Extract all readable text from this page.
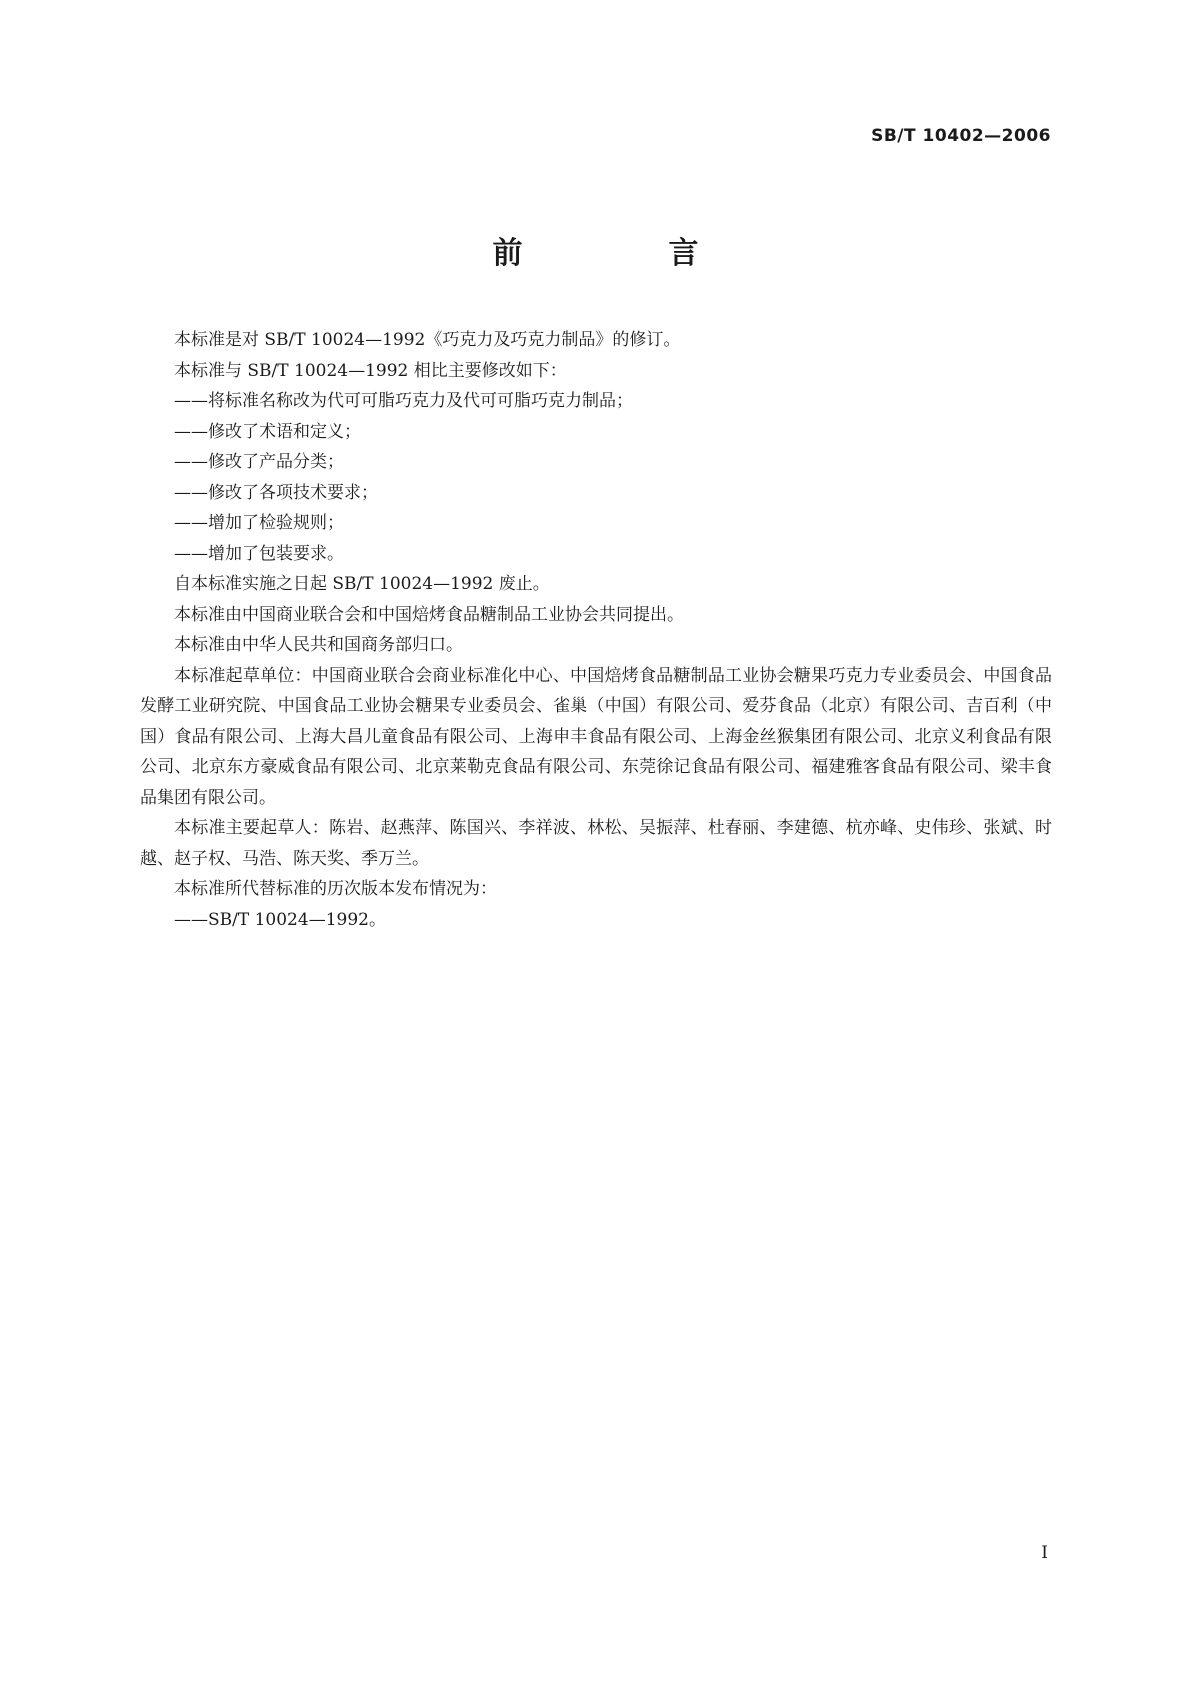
SB/T 10402—2006
前　言

本标准是对 SB/T 10024—1992《巧克力及巧克力制品》的修订。

本标准与 SB/T 10024—1992 相比主要修改如下：

——将标准名称改为代可可脂巧克力及代可可脂巧克力制品；

——修改了术语和定义；

——修改了产品分类；

——修改了各项技术要求；

——增加了检验规则；

——增加了包装要求。

自本标准实施之日起 SB/T 10024—1992 废止。

本标准由中国商业联合会和中国焙烤食品糖制品工业协会共同提出。

本标准由中华人民共和国商务部归口。

本标准起草单位：中国商业联合会商业标准化中心、中国焙烤食品糖制品工业协会糖果巧克力专业委员会、中国食品发酵工业研究院、中国食品工业协会糖果专业委员会、雀巢（中国）有限公司、爱芬食品（北京）有限公司、吉百利（中国）食品有限公司、上海大昌儿童食品有限公司、上海申丰食品有限公司、上海金丝猴集团有限公司、北京义利食品有限公司、北京东方豪威食品有限公司、北京莱勒克食品有限公司、东莞徐记食品有限公司、福建雅客食品有限公司、梁丰食品集团有限公司。

本标准主要起草人：陈岩、赵燕萍、陈国兴、李祥波、林松、吴振萍、杜春丽、李建德、杭亦峰、史伟珍、张斌、时越、赵子权、马浩、陈天奖、季万兰。

本标准所代替标准的历次版本发布情况为：

——SB/T 10024—1992。

I
